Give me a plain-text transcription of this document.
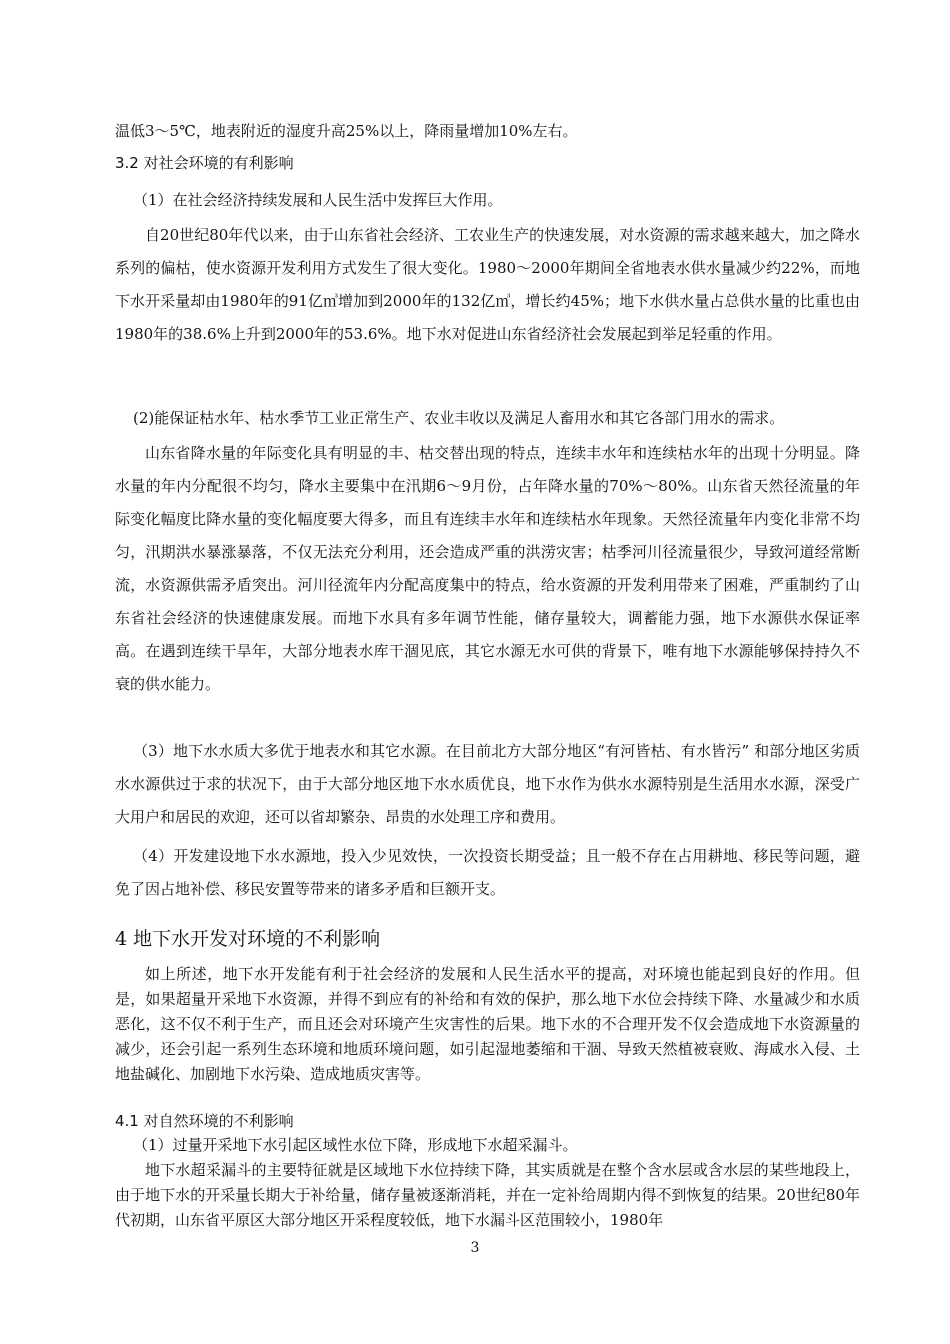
温低3～5℃，地表附近的湿度升高25%以上，降雨量增加10%左右。

3.2 对社会环境的有利影响

（1）在社会经济持续发展和人民生活中发挥巨大作用。

自20世纪80年代以来，由于山东省社会经济、工农业生产的快速发展，对水资源的需求越来越大，加之降水系列的偏枯，使水资源开发利用方式发生了很大变化。1980～2000年期间全省地表水供水量减少约22%，而地下水开采量却由1980年的91亿㎥增加到2000年的132亿㎥，增长约45%；地下水供水量占总供水量的比重也由1980年的38.6%上升到2000年的53.6%。地下水对促进山东省经济社会发展起到举足轻重的作用。

(2)能保证枯水年、枯水季节工业正常生产、农业丰收以及满足人畜用水和其它各部门用水的需求。

山东省降水量的年际变化具有明显的丰、枯交替出现的特点，连续丰水年和连续枯水年的出现十分明显。降水量的年内分配很不均匀，降水主要集中在汛期6～9月份，占年降水量的70%～80%。山东省天然径流量的年际变化幅度比降水量的变化幅度要大得多，而且有连续丰水年和连续枯水年现象。天然径流量年内变化非常不均匀，汛期洪水暴涨暴落，不仅无法充分利用，还会造成严重的洪涝灾害；枯季河川径流量很少，导致河道经常断流，水资源供需矛盾突出。河川径流年内分配高度集中的特点，给水资源的开发利用带来了困难，严重制约了山东省社会经济的快速健康发展。而地下水具有多年调节性能，储存量较大，调蓄能力强，地下水源供水保证率高。在遇到连续干旱年，大部分地表水库干涸见底，其它水源无水可供的背景下，唯有地下水源能够保持持久不衰的供水能力。

（3）地下水水质大多优于地表水和其它水源。在目前北方大部分地区“有河皆枯、有水皆污” 和部分地区劣质水水源供过于求的状况下，由于大部分地区地下水水质优良，地下水作为供水水源特别是生活用水水源，深受广大用户和居民的欢迎，还可以省却繁杂、昂贵的水处理工序和费用。

（4）开发建设地下水水源地，投入少见效快，一次投资长期受益；且一般不存在占用耕地、移民等问题，避免了因占地补偿、移民安置等带来的诸多矛盾和巨额开支。

4 地下水开发对环境的不利影响

如上所述，地下水开发能有利于社会经济的发展和人民生活水平的提高，对环境也能起到良好的作用。但是，如果超量开采地下水资源，并得不到应有的补给和有效的保护，那么地下水位会持续下降、水量减少和水质恶化，这不仅不利于生产，而且还会对环境产生灾害性的后果。地下水的不合理开发不仅会造成地下水资源量的减少，还会引起一系列生态环境和地质环境问题，如引起湿地萎缩和干涸、导致天然植被衰败、海咸水入侵、土地盐碱化、加剧地下水污染、造成地质灾害等。

4.1 对自然环境的不利影响

（1）过量开采地下水引起区域性水位下降，形成地下水超采漏斗。

地下水超采漏斗的主要特征就是区域地下水位持续下降，其实质就是在整个含水层或含水层的某些地段上，由于地下水的开采量长期大于补给量，储存量被逐渐消耗，并在一定补给周期内得不到恢复的结果。20世纪80年代初期，山东省平原区大部分地区开采程度较低，地下水漏斗区范围较小，1980年

3
